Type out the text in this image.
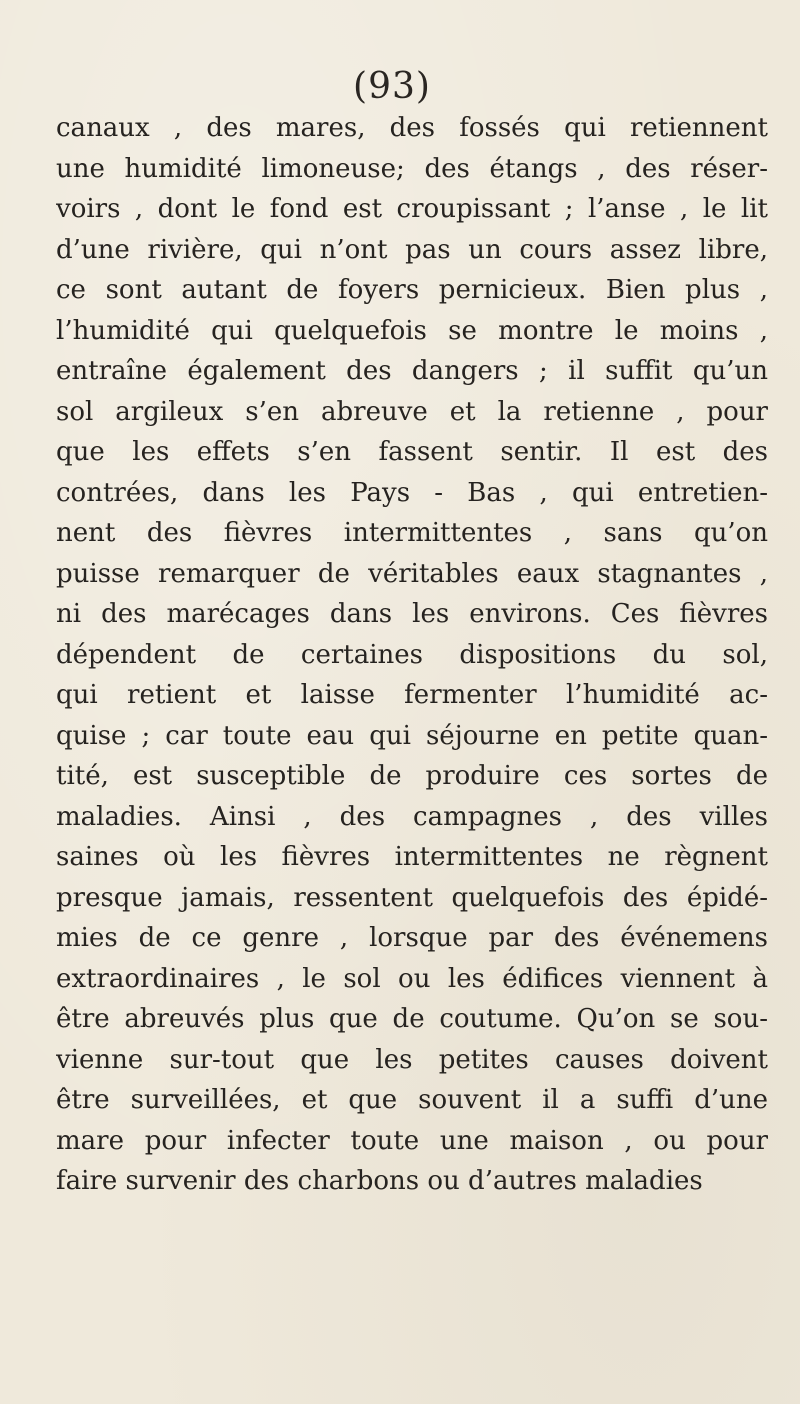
(93)
canaux , des mares, des fossés qui retiennent
une humidité limoneuse; des étangs , des réser-
voirs , dont le fond est croupissant ; l’anse , le lit
d’une rivière, qui n’ont pas un cours assez libre,
ce sont autant de foyers pernicieux. Bien plus ,
l’humidité qui quelquefois se montre le moins ,
entraîne également des dangers ; il suffit qu’un
sol argileux s’en abreuve et la retienne , pour
que les effets s’en fassent sentir. Il est des
contrées, dans les Pays - Bas , qui entretien-
nent des fièvres intermittentes , sans qu’on
puisse remarquer de véritables eaux stagnantes ,
ni des marécages dans les environs. Ces fièvres
dépendent de certaines dispositions du sol,
qui retient et laisse fermenter l’humidité ac-
quise ; car toute eau qui séjourne en petite quan-
tité, est susceptible de produire ces sortes de
maladies. Ainsi , des campagnes , des villes
saines où les fièvres intermittentes ne règnent
presque jamais, ressentent quelquefois des épidé-
mies de ce genre , lorsque par des événemens
extraordinaires , le sol ou les édifices viennent à
être abreuvés plus que de coutume. Qu’on se sou-
vienne sur-tout que les petites causes doivent
être surveillées, et que souvent il a suffi d’une
mare pour infecter toute une maison , ou pour
faire survenir des charbons ou d’autres maladies
